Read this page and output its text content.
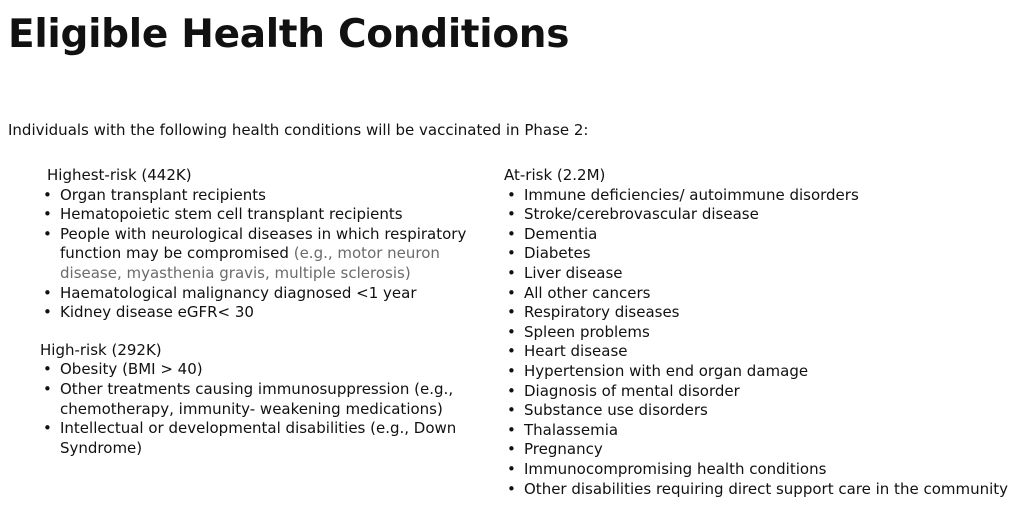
Eligible Health Conditions

Individuals with the following health conditions will be vaccinated in Phase 2:

Highest-risk (442K)

• Organ transplant recipients
• Hematopoietic stem cell transplant recipients
• People with neurological diseases in which respiratory function may be compromised (e.g., motor neuron disease, myasthenia gravis, multiple sclerosis)
• Haematological malignancy diagnosed <1 year
• Kidney disease eGFR< 30

High-risk (292K)

• Obesity (BMI > 40)
• Other treatments causing immunosuppression (e.g., chemotherapy, immunity- weakening medications)
• Intellectual or developmental disabilities (e.g., Down Syndrome)

At-risk (2.2M)

• Immune deficiencies/ autoimmune disorders
• Stroke/cerebrovascular disease
• Dementia
• Diabetes
• Liver disease
• All other cancers
• Respiratory diseases
• Spleen problems
• Heart disease
• Hypertension with end organ damage
• Diagnosis of mental disorder
• Substance use disorders
• Thalassemia
• Pregnancy
• Immunocompromising health conditions
• Other disabilities requiring direct support care in the community
